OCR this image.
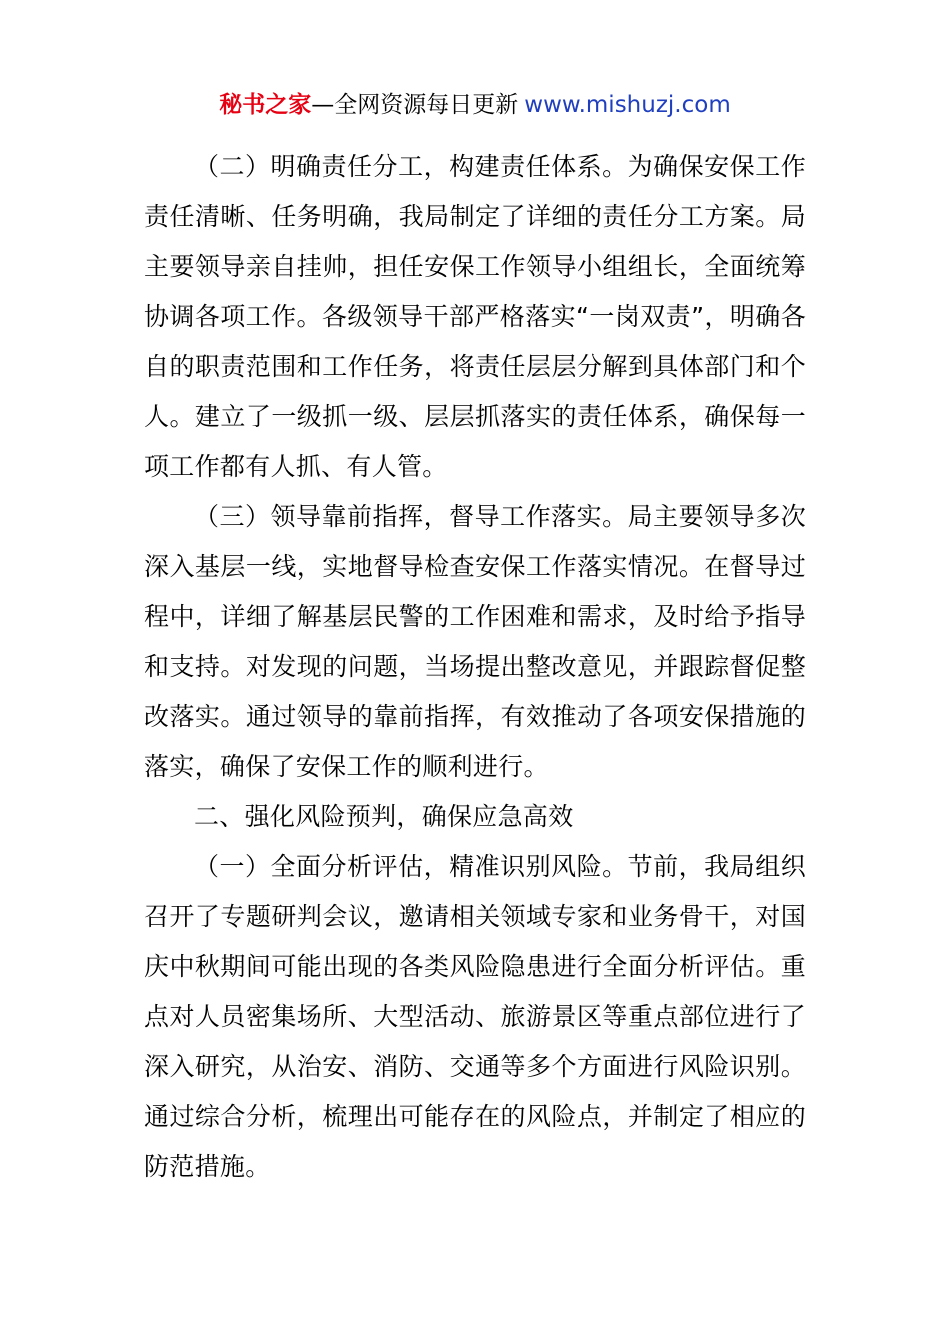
秘书之家—全网资源每日更新 www.mishuzj.com

（二）明确责任分工，构建责任体系。为确保安保工作责任清晰、任务明确，我局制定了详细的责任分工方案。局主要领导亲自挂帅，担任安保工作领导小组组长，全面统筹协调各项工作。各级领导干部严格落实“一岗双责”，明确各自的职责范围和工作任务，将责任层层分解到具体部门和个人。建立了一级抓一级、层层抓落实的责任体系，确保每一项工作都有人抓、有人管。

（三）领导靠前指挥，督导工作落实。局主要领导多次深入基层一线，实地督导检查安保工作落实情况。在督导过程中，详细了解基层民警的工作困难和需求，及时给予指导和支持。对发现的问题，当场提出整改意见，并跟踪督促整改落实。通过领导的靠前指挥，有效推动了各项安保措施的落实，确保了安保工作的顺利进行。

二、强化风险预判，确保应急高效

（一）全面分析评估，精准识别风险。节前，我局组织召开了专题研判会议，邀请相关领域专家和业务骨干，对国庆中秋期间可能出现的各类风险隐患进行全面分析评估。重点对人员密集场所、大型活动、旅游景区等重点部位进行了深入研究，从治安、消防、交通等多个方面进行风险识别。通过综合分析，梳理出可能存在的风险点，并制定了相应的防范措施。
